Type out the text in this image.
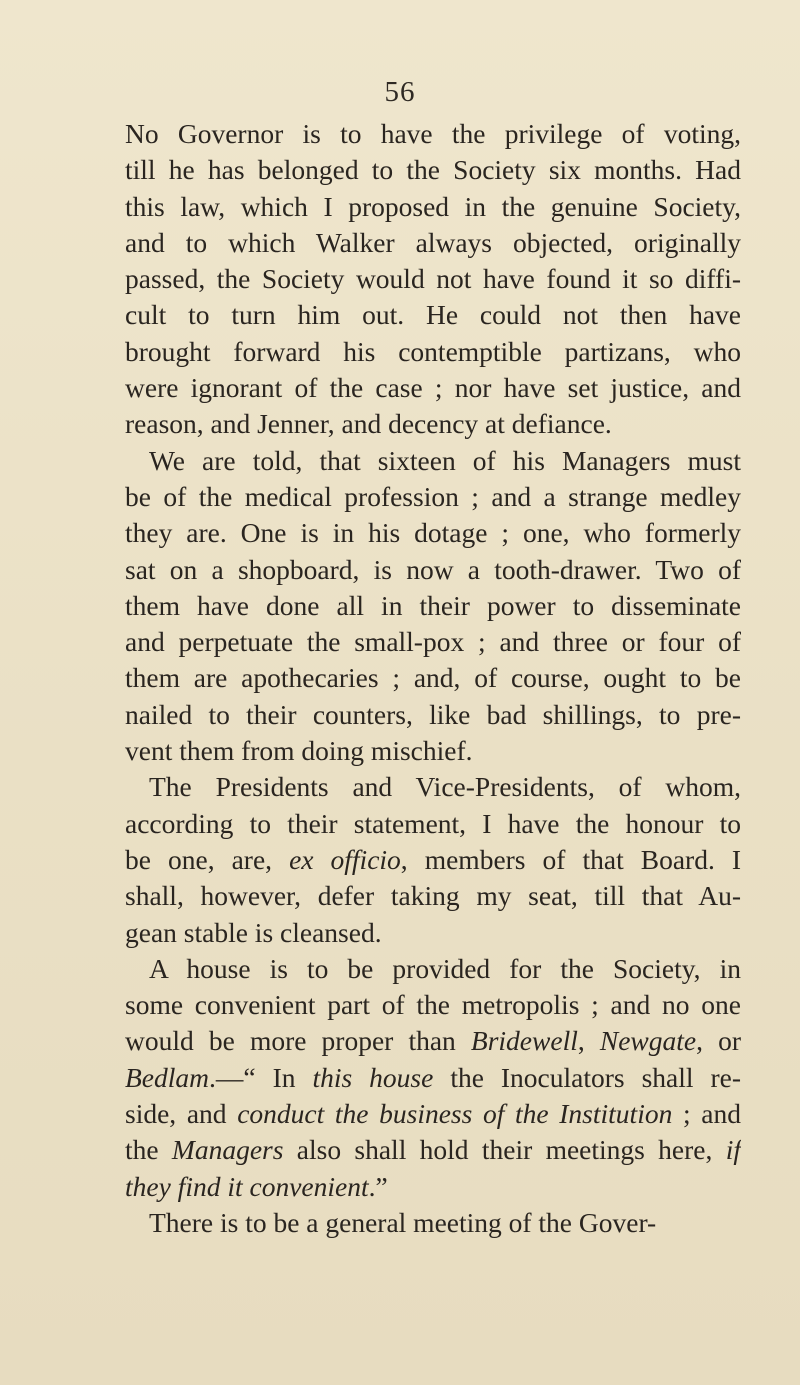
56
No Governor is to have the privilege of voting,
till he has belonged to the Society six months. Had
this law, which I proposed in the genuine Society,
and to which Walker always objected, originally
passed, the Society would not have found it so diffi-
cult to turn him out. He could not then have
brought forward his contemptible partizans, who
were ignorant of the case ; nor have set justice, and
reason, and Jenner, and decency at defiance.
We are told, that sixteen of his Managers must
be of the medical profession ; and a strange medley
they are. One is in his dotage ; one, who formerly
sat on a shopboard, is now a tooth-drawer. Two of
them have done all in their power to disseminate
and perpetuate the small-pox ; and three or four of
them are apothecaries ; and, of course, ought to be
nailed to their counters, like bad shillings, to pre-
vent them from doing mischief.
The Presidents and Vice-Presidents, of whom,
according to their statement, I have the honour to
be one, are, ex officio, members of that Board. I
shall, however, defer taking my seat, till that Au-
gean stable is cleansed.
A house is to be provided for the Society, in
some convenient part of the metropolis ; and no one
would be more proper than Bridewell, Newgate, or
Bedlam.—“ In this house the Inoculators shall re-
side, and conduct the business of the Institution ; and
the Managers also shall hold their meetings here, if
they find it convenient.”
There is to be a general meeting of the Gover-
